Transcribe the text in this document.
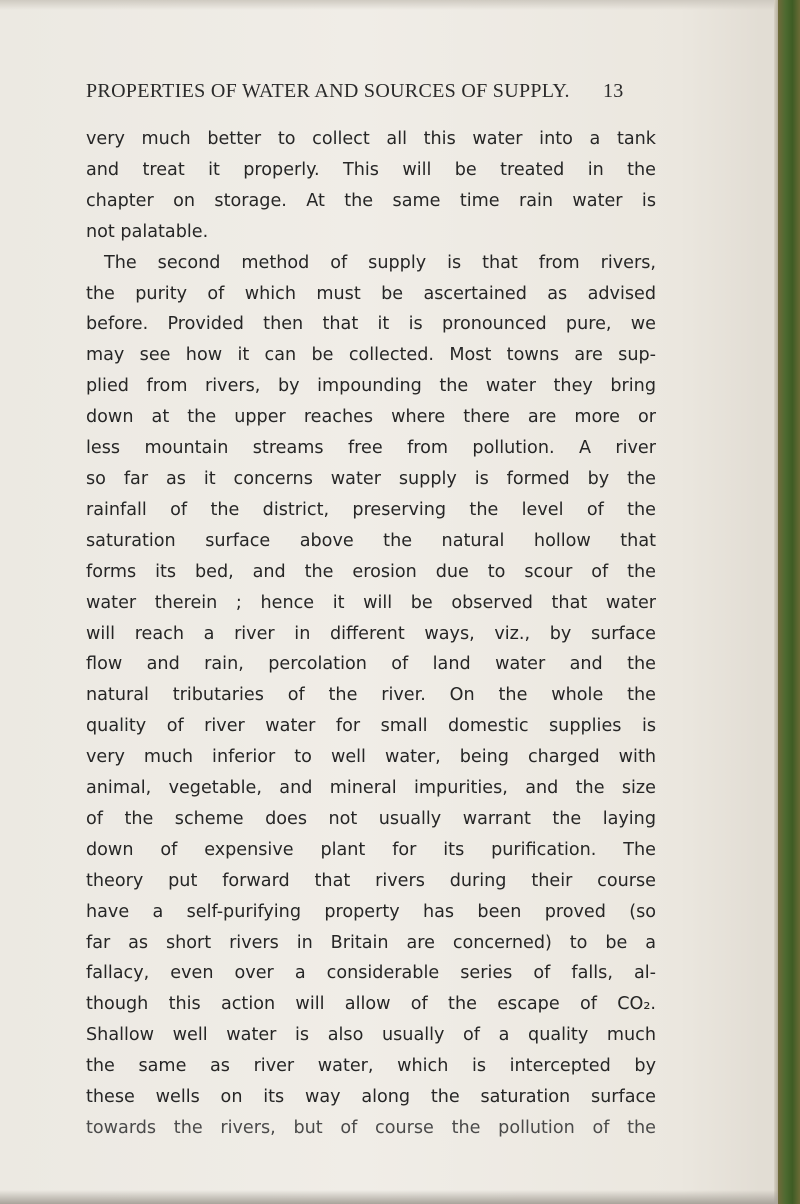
PROPERTIES OF WATER AND SOURCES OF SUPPLY. 13
very much better to collect all this water into a tank
and treat it properly. This will be treated in the
chapter on storage. At the same time rain water is
not palatable.
The second method of supply is that from rivers,
the purity of which must be ascertained as advised
before. Provided then that it is pronounced pure, we
may see how it can be collected. Most towns are sup-
plied from rivers, by impounding the water they bring
down at the upper reaches where there are more or
less mountain streams free from pollution. A river
so far as it concerns water supply is formed by the
rainfall of the district, preserving the level of the
saturation surface above the natural hollow that
forms its bed, and the erosion due to scour of the
water therein ; hence it will be observed that water
will reach a river in different ways, viz., by surface
flow and rain, percolation of land water and the
natural tributaries of the river. On the whole the
quality of river water for small domestic supplies is
very much inferior to well water, being charged with
animal, vegetable, and mineral impurities, and the size
of the scheme does not usually warrant the laying
down of expensive plant for its purification. The
theory put forward that rivers during their course
have a self-purifying property has been proved (so
far as short rivers in Britain are concerned) to be a
fallacy, even over a considerable series of falls, al-
though this action will allow of the escape of CO₂.
Shallow well water is also usually of a quality much
the same as river water, which is intercepted by
these wells on its way along the saturation surface
towards the rivers, but of course the pollution of the
